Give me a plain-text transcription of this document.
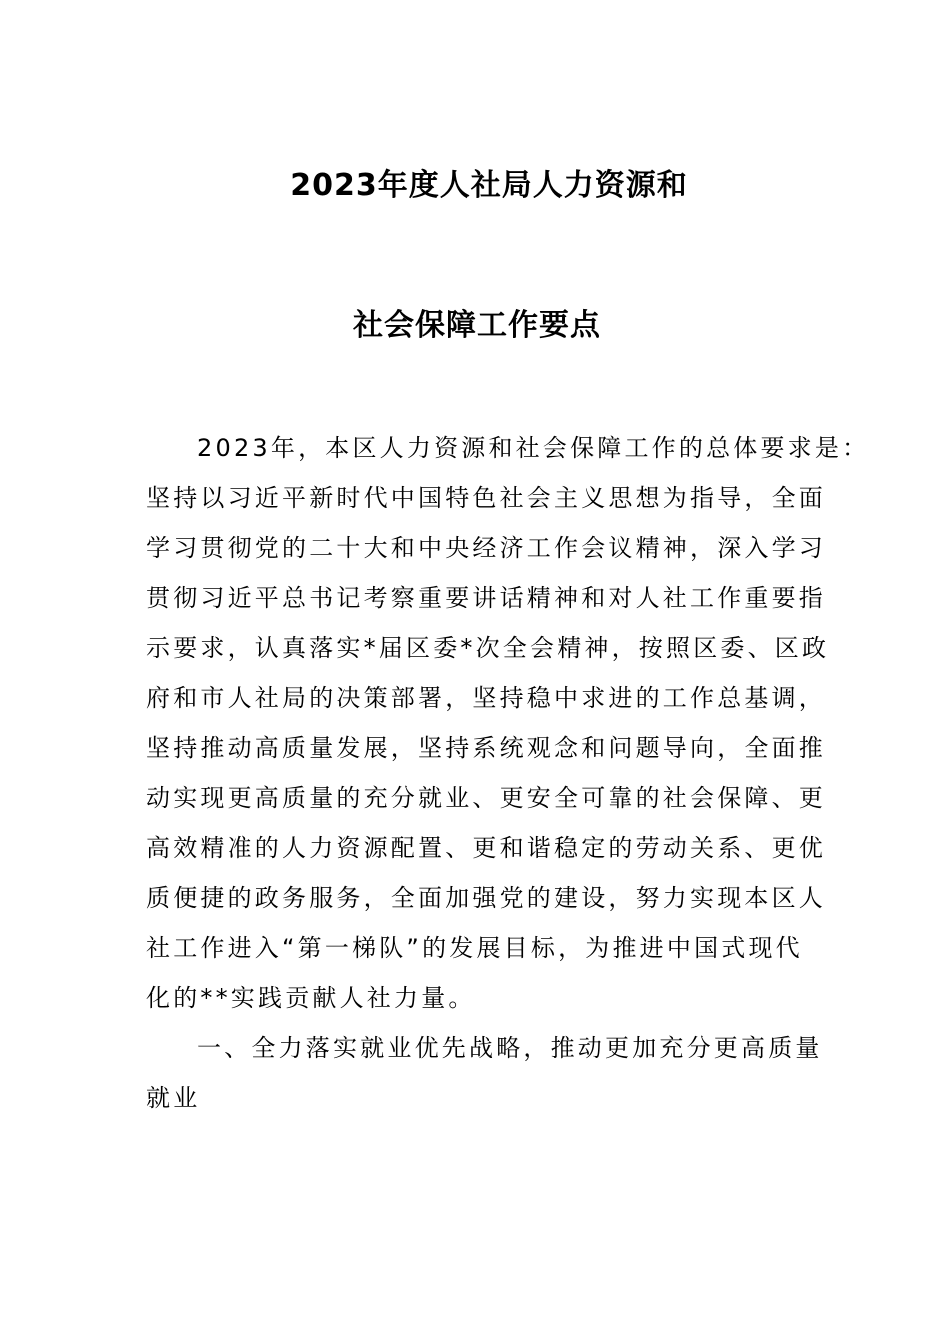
2023年度人社局人力资源和
社会保障工作要点
2023年，本区人力资源和社会保障工作的总体要求是：
坚持以习近平新时代中国特色社会主义思想为指导，全面
学习贯彻党的二十大和中央经济工作会议精神，深入学习
贯彻习近平总书记考察重要讲话精神和对人社工作重要指
示要求，认真落实*届区委*次全会精神，按照区委、区政
府和市人社局的决策部署，坚持稳中求进的工作总基调，
坚持推动高质量发展，坚持系统观念和问题导向，全面推
动实现更高质量的充分就业、更安全可靠的社会保障、更
高效精准的人力资源配置、更和谐稳定的劳动关系、更优
质便捷的政务服务，全面加强党的建设，努力实现本区人
社工作进入“第一梯队”的发展目标，为推进中国式现代
化的**实践贡献人社力量。
一、全力落实就业优先战略，推动更加充分更高质量
就业
